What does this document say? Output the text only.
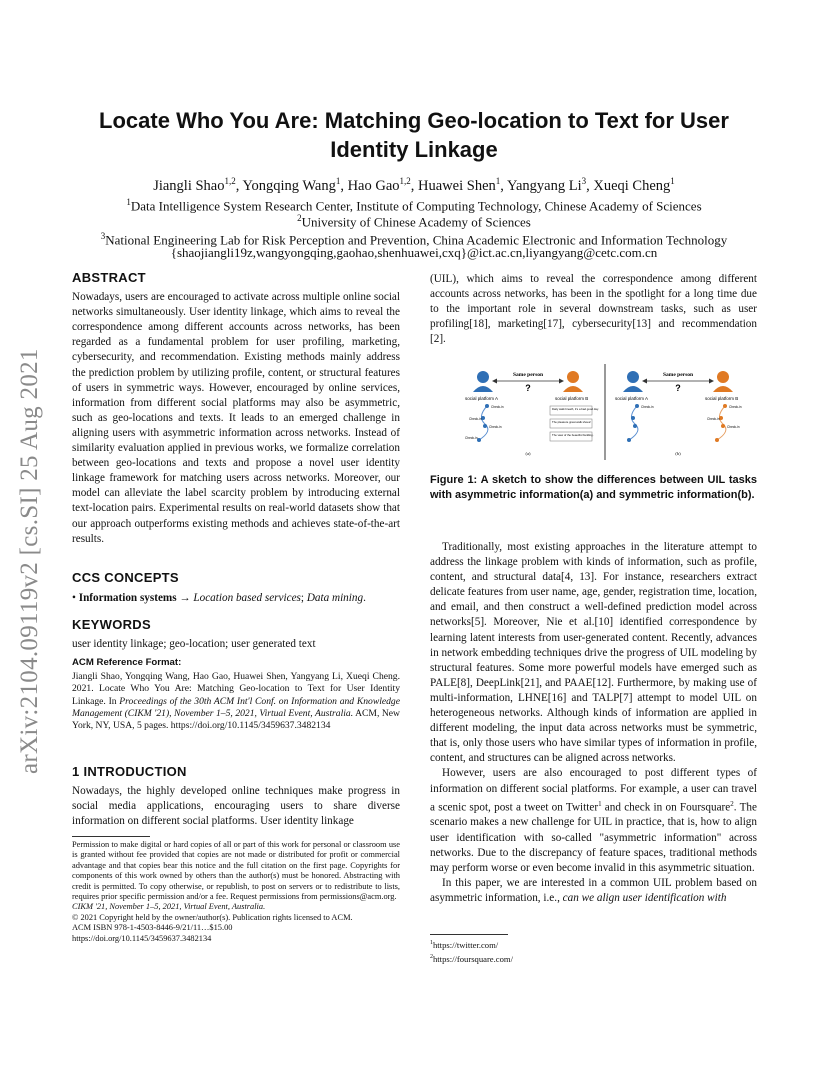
arXiv:2104.09119v2 [cs.SI] 25 Aug 2021
Locate Who You Are: Matching Geo-location to Text for User
Identity Linkage
Jiangli Shao$^{1,2}$, Yongqing Wang$^1$, Hao Gao$^{1,2}$, Huawei Shen$^1$, Yangyang Li$^3$, Xueqi Cheng$^1$
$^1$Data Intelligence System Research Center, Institute of Computing Technology, Chinese Academy of Sciences
$^2$University of Chinese Academy of Sciences
$^3$National Engineering Lab for Risk Perception and Prevention, China Academic Electronic and Information Technology
{shaojiangli19z,wangyongqing,gaohao,shenhuawei,cxq}@ict.ac.cn,liyangyang@cetc.com.cn
ABSTRACT

Nowadays, users are encouraged to activate across multiple online social networks simultaneously. User identity linkage, which aims to reveal the correspondence among different accounts across networks, has been regarded as a fundamental problem for user profiling, marketing, cybersecurity, and recommendation. Existing methods mainly address the prediction problem by utilizing profile, content, or structural features of users in symmetric ways. However, encouraged by online services, information from different social platforms may also be asymmetric, such as geo-locations and texts. It leads to an emerged challenge in aligning users with asymmetric information across networks. Instead of similarity evaluation applied in previous works, we formalize correlation between geo-locations and texts and propose a novel user identity linkage framework for matching users across networks. Moreover, our model can alleviate the label scarcity problem by introducing external text-location pairs. Experimental results on real-world datasets show that our approach outperforms existing methods and achieves state-of-the-art results.

CCS CONCEPTS

• Information systems → Location based services; Data mining.

KEYWORDS

user identity linkage; geo-location; user generated text

ACM Reference Format:

Jiangli Shao, Yongqing Wang, Hao Gao, Huawei Shen, Yangyang Li, Xueqi Cheng. 2021. Locate Who You Are: Matching Geo-location to Text for User Identity Linkage. In Proceedings of the 30th ACM Int'l Conf. on Information and Knowledge Management (CIKM '21), November 1–5, 2021, Virtual Event, Australia. ACM, New York, NY, USA, 5 pages. https://doi.org/10.1145/3459637.3482134

1 INTRODUCTION

Nowadays, the highly developed online techniques make progress in social media applications, encouraging users to share diverse information on different social platforms. User identity linkage

Permission to make digital or hard copies of all or part of this work for personal or classroom use is granted without fee provided that copies are not made or distributed for profit or commercial advantage and that copies bear this notice and the full citation on the first page. Copyrights for components of this work owned by others than the author(s) must be honored. Abstracting with credit is permitted. To copy otherwise, or republish, to post on servers or to redistribute to lists, requires prior specific permission and/or a fee. Request permissions from permissions@acm.org.

CIKM '21, November 1–5, 2021, Virtual Event, Australia.

© 2021 Copyright held by the owner/author(s). Publication rights licensed to ACM.

ACM ISBN 978-1-4503-8446-9/21/11…$15.00

https://doi.org/10.1145/3459637.3482134

(UIL), which aims to reveal the correspondence among different accounts across networks, has been in the spotlight for a long time due to the important role in several downstream tasks, such as user profiling[18], marketing[17], cybersecurity[13] and recommendation [2].
Same person
?
social platform A	social platform B
Check-in
Check-in
Check-in
Check-in
Daily walk breath, it's a bad good day.
The pleasure great walk shoes!
The view of the beautiful building.
(a)
Same person
?
social platform A	social platform B
Check-in	Check-in
Check-in
Check-in
(b)
Figure 1: A sketch to show the differences between UIL tasks with asymmetric information(a) and symmetric information(b).

Traditionally, most existing approaches in the literature attempt to address the linkage problem with kinds of information, such as profile, content, and structural data[4, 13]. For instance, researchers extract delicate features from user name, age, gender, registration time, location, and email, and then construct a well-defined prediction model across networks[5]. Moreover, Nie et al.[10] identified correspondence by learning latent interests from user-generated content. Recently, advances in network embedding techniques drive the progress of UIL modeling by structural features. Some more powerful models have emerged such as PALE[8], DeepLink[21], and PAAE[12]. Furthermore, by making use of multi-information, LHNE[16] and TALP[7] attempt to model UIL on heterogeneous networks. Although kinds of information are applied in different modeling, the input data across networks must be symmetric, that is, only those users who have similar types of information in profile, content, and structures can be aligned across networks.

However, users are also encouraged to post different types of information on different social platforms. For example, a user can travel a scenic spot, post a tweet on Twitter$^1$ and check in on Foursquare$^2$. The scenario makes a new challenge for UIL in practice, that is, how to align user identification with so-called "asymmetric information" across networks. Due to the discrepancy of feature spaces, traditional methods may perform worse or even become invalid in this asymmetric situation.

In this paper, we are interested in a common UIL problem based on asymmetric information, i.e., can we align user identification with

$^1$https://twitter.com/
$^2$https://foursquare.com/
